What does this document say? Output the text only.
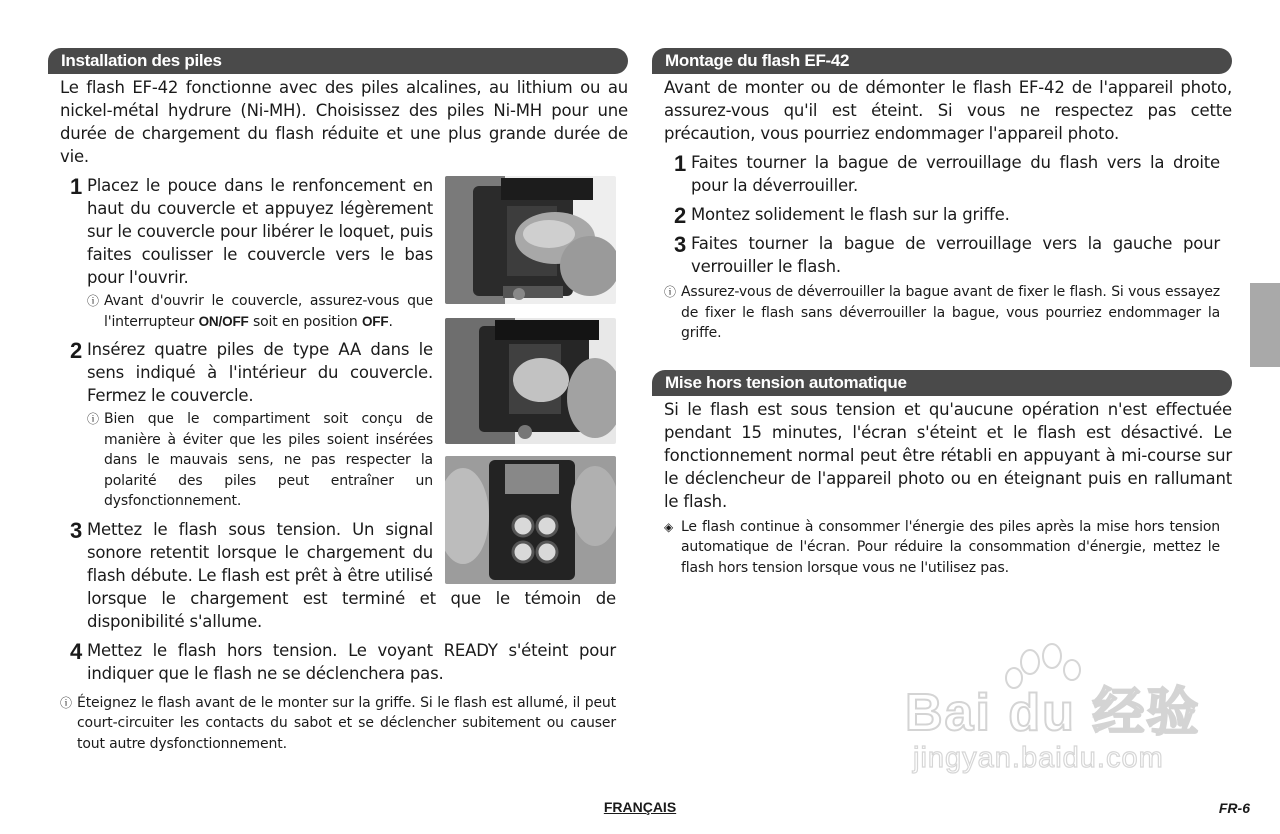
Installation des piles
Le flash EF-42 fonctionne avec des piles alcalines, au lithium ou au nickel-métal hydrure (Ni-MH). Choisissez des piles Ni-MH pour une durée de chargement du flash réduite et une plus grande durée de vie.
1 Placez le pouce dans le renfoncement en haut du couvercle et appuyez légèrement sur le couvercle pour libérer le loquet, puis faites coulisser le couvercle vers le bas pour l'ouvrir.
ⓘ Avant d'ouvrir le couvercle, assurez-vous que l'interrupteur ON/OFF soit en position OFF.
2 Insérez quatre piles de type AA dans le sens indiqué à l'intérieur du couvercle. Fermez le couvercle.
ⓘ Bien que le compartiment soit conçu de manière à éviter que les piles soient insérées dans le mauvais sens, ne pas respecter la polarité des piles peut entraîner un dysfonctionnement.
3 Mettez le flash sous tension. Un signal sonore retentit lorsque le chargement du flash débute. Le flash est prêt à être utilisé
lorsque le chargement est terminé et que le témoin de disponibilité s'allume.
4 Mettez le flash hors tension. Le voyant READY s'éteint pour indiquer que le flash ne se déclenchera pas.
ⓘ Éteignez le flash avant de le monter sur la griffe. Si le flash est allumé, il peut court-circuiter les contacts du sabot et se déclencher subitement ou causer tout autre dysfonctionnement.
Montage du flash EF-42
Avant de monter ou de démonter le flash EF-42 de l'appareil photo, assurez-vous qu'il est éteint. Si vous ne respectez pas cette précaution, vous pourriez endommager l'appareil photo.
1 Faites tourner la bague de verrouillage du flash vers la droite pour la déverrouiller.
2 Montez solidement le flash sur la griffe.
3 Faites tourner la bague de verrouillage vers la gauche pour verrouiller le flash.
ⓘ Assurez-vous de déverrouiller la bague avant de fixer le flash. Si vous essayez de fixer le flash sans déverrouiller la bague, vous pourriez endommager la griffe.
Mise hors tension automatique
Si le flash est sous tension et qu'aucune opération n'est effectuée pendant 15 minutes, l'écran s'éteint et le flash est désactivé. Le fonctionnement normal peut être rétabli en appuyant à mi-course sur le déclencheur de l'appareil photo ou en éteignant puis en rallumant le flash.
◈ Le flash continue à consommer l'énergie des piles après la mise hors tension automatique de l'écran. Pour réduire la consommation d'énergie, mettez le flash hors tension lorsque vous ne l'utilisez pas.
Bai du 经验
jingyan.baidu.com
FRANÇAIS	FR-6
